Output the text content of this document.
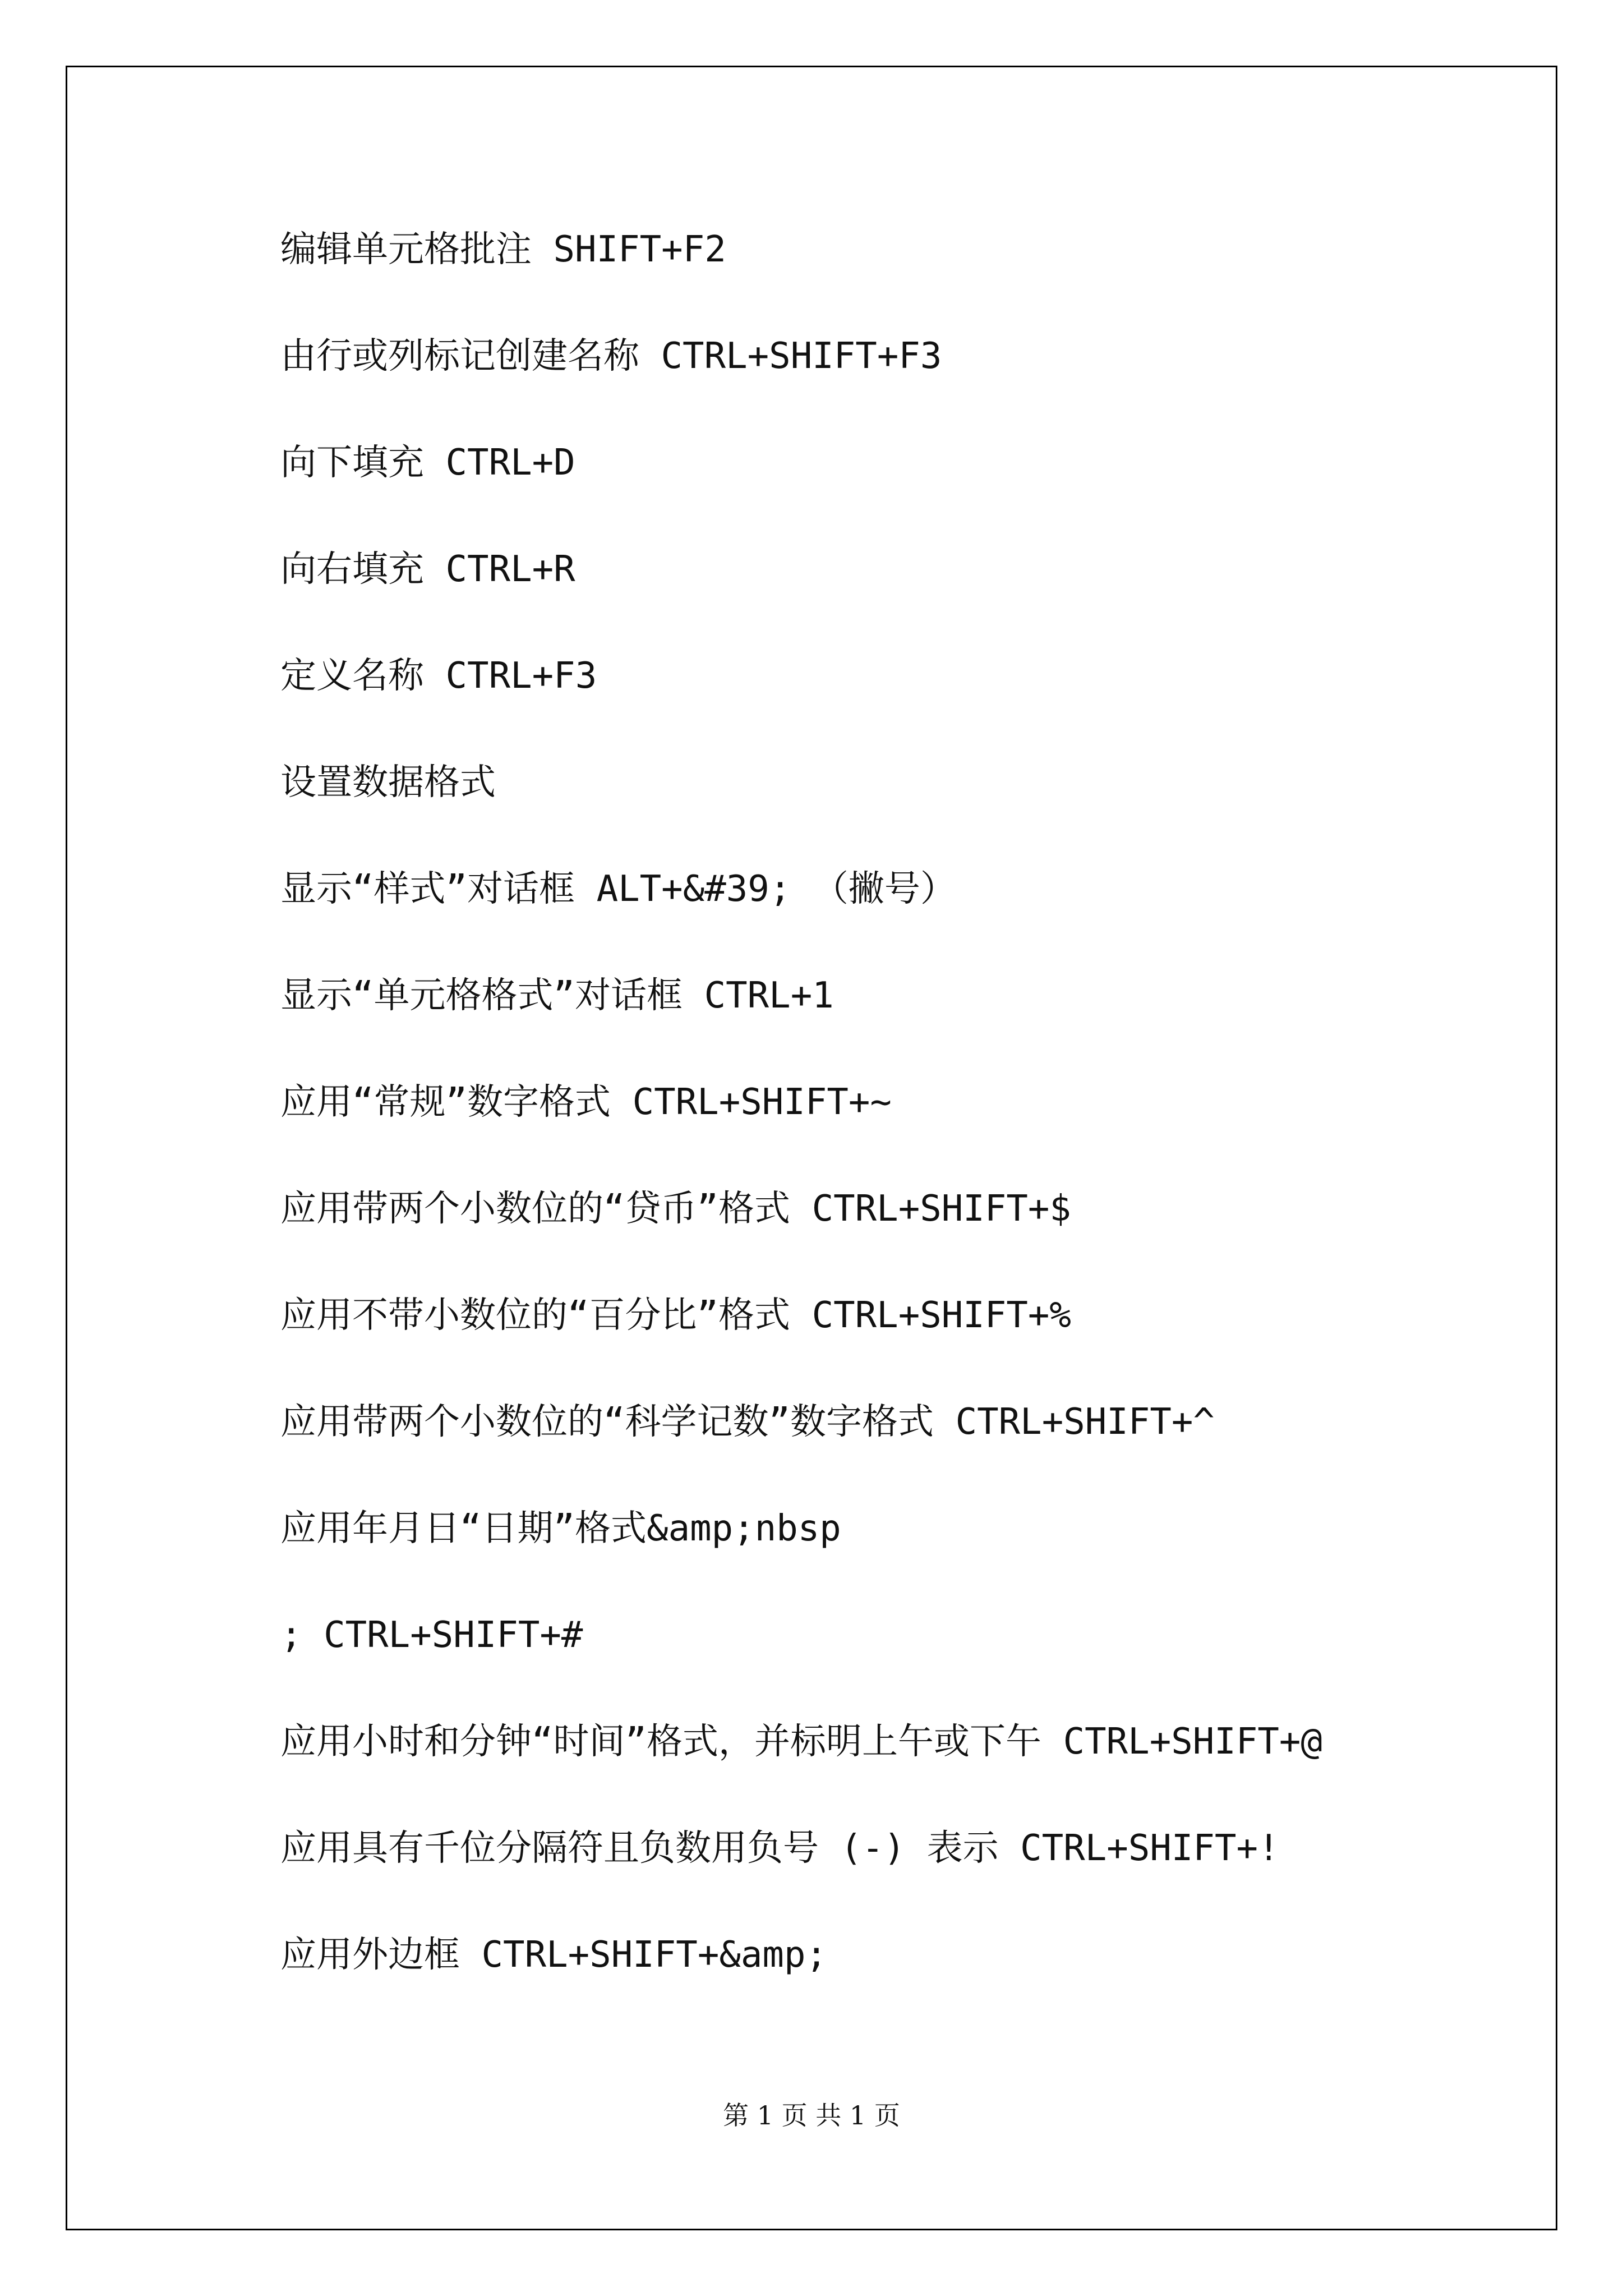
编辑单元格批注 SHIFT+F2
由行或列标记创建名称 CTRL+SHIFT+F3
向下填充 CTRL+D
向右填充 CTRL+R
定义名称 CTRL+F3
设置数据格式
显示“样式”对话框 ALT+&#39; （撇号）
显示“单元格格式”对话框 CTRL+1
应用“常规”数字格式 CTRL+SHIFT+~
应用带两个小数位的“贷币”格式 CTRL+SHIFT+$
应用不带小数位的“百分比”格式 CTRL+SHIFT+%
应用带两个小数位的“科学记数”数字格式 CTRL+SHIFT+^
应用年月日“日期”格式&amp;nbsp
; CTRL+SHIFT+#
应用小时和分钟“时间”格式，并标明上午或下午 CTRL+SHIFT+@
应用具有千位分隔符且负数用负号 (-) 表示 CTRL+SHIFT+!
应用外边框 CTRL+SHIFT+&amp;
第 1 页 共 1 页
